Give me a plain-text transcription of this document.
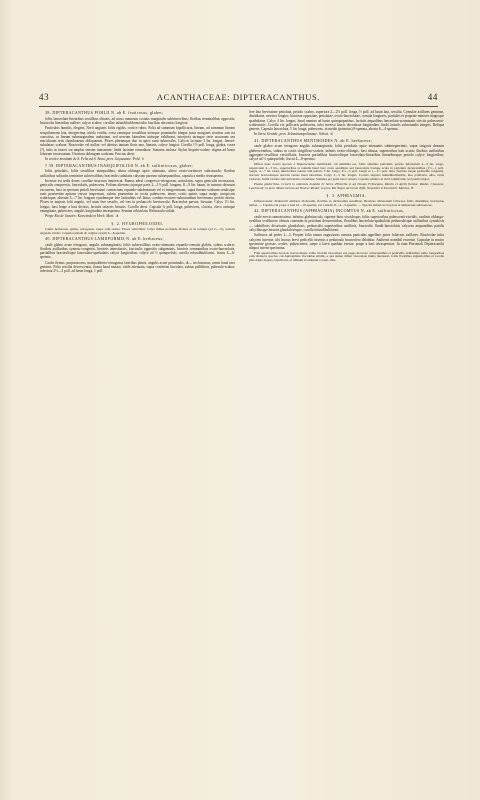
43	ACANTHACEAE: DIPTERACANTHUS.	44
38. DIPTERACANTHUS POHLII N. ab E. fruticosus, glaber;

foliis lanceolato-linearibus sessilibus obtusis, ad arcus ramorum costatis marginalis subtrinervibus; floribus terminalibus oppositis; bracteolis linearibus nullive; calyce scabro; corollae infundibuliformi tubo faucibus obconicis longiore.

Fruticulus humilis, elegans, Nerii angustis foliis rigidis, cortice rubro. Folia ad summum bipollicaria, lineam, ad summum lineam sesquilateram lata, integerrima, nitida viridia, costa ramisque costalibus utrinque prominulis hinque juxta margines arcubus suis ita conscitus, ut lineam submarginalem unduatam, sed nervum lateralem utrinque exhibeant, interjecta utrinque serie arcuarum seu maculorum reiis rhomboarum obliquarum. Flores plerumque duo in apice rami subsessiles. Calycis laciniae 3 lin. longae, lineari-subulatae, scabrae. Bracteolae vel nullae, vel alterius tantum floris una, linearis, calyce longior. Corolla 1½ poll. longa, glabra, rosea (?), tubo in fauces sat amplas sensim transeunte; limbi laciniae rotundatae. Stamina inclusa. Stylus hispido-scaber; stigma ad basin loborum incrassatum. Ovarium oblongum scabrum. Fructus deest.

In vertice montium de S. Felix ad S. Anna, prov. Goyazanae: Pohl. ♄

† 39. DIPTERACANTHUS INAEQUIFOLIUS N. ab E. suffruticosus, glaber;

foliis petiolatis, foliis sessilibus inaequalibus, altero oblongo apice attenuato, altero ovato-cordatove subrotundo; floribus axillaribus solitariis terminive subsessilibus; bracteolis subulatis calycem parvum subaequantibus, capsula a medio tetrasperma.

Incertae est sedis donec corollae structura innotescat. Ramus adest compresso-tetragonus, articulatus, supra geniculis incrassatus, geniculis compressis, lanceolatis, pubescens. Folium alterum cujusque paris 2—1½ poll. longum, 8—9 lin. latum, in summo obtusum excurrens, basi in spectum petioli brevissimi contractum, repando-subdentatum vel et integerrimum, supra lineato-scabrum setulisque raris praesertim apicem versus inspersum, subtus praesertim in costis pubescens, tenue, costis quinis supra magis conspicuis scabrisque; alterum 3—7 lin. longum ejusdemque fere latitudinis vel latius, cordato-ovatove-subrotundum brevissimo petiolo nitens. Flores in majoris folii angulo, vel unus fere sessilis, vel tres in peduncolo breviusculo. Bracteolae parvae, hirsutae. Calyx 1½ lin. longus, basi longe a basi divisus, laciniis setaceis hirsutis. Corolla deest. Capsula ¾ poll. longa, pubescens, clavata, clavo utrinque emarginata, pubescens, angulis longitudine tetrasperma. Semina orbiculata. Retinacula valida.

Prope Rio de Janeiro: Karwinski in Herb. Mart. ♃

§. 2. HYGROPHILOIDEI.

Caulis herbaceus, glaber, tetragonus, saepe cum radice. Flores verticillati. Calyx minus profunde divisus ac in reliquis (ad ⅔—⅓), laciniis angustis strictis. Capsula (saltem ab origine ovarii) 6—8-sperma.

40. DIPTERACANTHUS LAMIIFORMIS N. ab E. herbaceus;

caule glabro acute tetragono, angulis submarginatis; foliis subsessilibus ovato-attenuatis repando-crenatis glabris, subtus scabris; floribus axillaribus cymoso-congestis, bracteis interstinctis, fasciculis oppositis subgeminis, bracteis communibus ovato-lanceolatis, partialibus bracteolisque lanceolato-spathulatis calyce longioribus; calyce ad ⅓ quinquefido, corolla infundibuliformi, fructu 4—6-spermo.

Caulis firmus, purpurascens, inaequaliterto-tetragonus lateribus planis, angulis acute prominulis, di— trichotomus, ramis haud raro geminis. Folia sessilia decrescentia, forma haud mutata, valde attenuata, supra confertim lineolata, subtus pallidiora, puberulo-scabra; inferiora 2½—3 poll. ad basin longa, 1 poll.

fere lata brevissime petiolata, petiolo scabro, superiora 2—2½ poll. longa, ½ poll. ad basin lata, sessilia. Cymulae axillares geminae, dimidiatae, exterior longior; bracteae oppositae, petiolatae, ovato-lanceolatae, cymula longiores, partiales et propriae minores magisque spathulatae. Calyx 4 lin. longus, haud omnino ad basin quinquepartitus, laciniis aequalibus lanceolato-acuminatis strictis pubescenti-scaberrimis. Corolla vix pollicaris pubescens, tubo inverso faucis obconicae longitudine; limbi laciniis subrotundis integris. Reliqua generis. Capsula lanceolata, 5 lin. longa, pubescens, in medio (primitus) 8-sperma, abortu 6—4-sperma.

In Serra Grande, prov. Sebastianopolitanae: Schott. ♃

41. DIPTERACANTHUS MENTHOIDES N. ab E. herbaceus;

caule glabro acute tetragono angulis submarginatis; foliis petiolatis apice attenuatis subintegerrimis, supra strigosis demum glabrescentibus, subtus in costis strigilloso-scabris; infimis ovato-oblongis, basi obtusa, superioribus basi acutis; floribus axillaribus aggregato-sessilibus verticillatis, bracteis partialibus bracteolisque lanceolato-linearibus linearibusque petiolo calyce longioribus; calyce ad ⅓ quinquefido, fructu 4—8-spermo.

Differt hanc nostra species a Dipteracantho lamiiformi, cui similima est, foliis omnibus petiolatis, petiolo inferiorum 4—5 lin. longo, superiorum 4—3 lin., superioribus et ramulis haud basi ovata sessilibus sed lanceolatis basique acuta in petiolum decurrentibus (1½—1 poll. longis, 4—7 lin. latis), inferioribus autem cum petiolo 3 lin. longo, 4½—5 poll. longis et 1—1½ poll. latis, floribus itaque pedicellis congestis, bracteis bracteolisque apicem versus haud latioribus. Calyx 3—5 lin. longus. Corolla angusta infundibuliformis, fere pollicaris, alba, venis violaceis, limbi laciniis subverticulatis rotundatae. Stamina per paria basi connata. Capsula omnino ut in D. lamiiformi, sed paullo major.

Planta glaberrima. Crescit in umbrosis humidis N. Serra d'Estrella et ad Novam Friburgum, Martio et Aprili floreus: Riedel, Chavasse, Laschenalt; in prov. Minas Geraes ad Varzea: Riedel; in prov. Rio Negro ad locum Teffé, Novembri et Decembri: Martius. ⊙

§. 3. APHRAGMIA.

Inflorescentia: Pedunculi axillares dichotomi, floribus in dichotomia sessilibus. Bracteae divisionum foliaceae foliis dissimiles; bracteolae nullae. — Capsula vel prope a basi 10—16-sperma, vel a medio 8—4—3-sperma. — Species Americae tropicae et temperatae subtropicae.

42. DIPTERACANTHUS (APHRAGMIA) INCOMTUS N. ab E. suffruticosus,

caule erecto ramosissimo, inferius glabriusculo, superne hirto viscidoque; foliis superioribus pubescenti-viscidis, caulinis oblongo-ovalibus ovalibusve obtusis cuneatim in petiolum decurrentibus, floralibus lanceolato-spathulatis pedunculisque axillaribus cymulosis — subbifloris divaricatis glandulosis, pedunculis superioribus unifloris, bracteolis florali-lanceolatis calycem aequantibus patulis calycibusque hirsutis glandulosisque, corolla infundibuliformi.

Suffrutex ad pedes 2—3. Propter folia ramos angustiores ramosa paniculas appellare potes foliaceas axillares. Bracteolae infra calycem insertae, ubi fructus brevi pedicello insertus a pedunculo bracteifero delabitur. Antherae nonnihil exsertae. Capsulae in nostro specimine grossae, ovales, pubescentes, saepe a larva quadam exesae, prope a basi tetraspermae. In nam Pteromali Dipteracanthi aliquot inveni specimina.

Folii superioribus bracteis bracteolisque valde viscidis viscositate eas saepe inconcre cohaerentibus et pedicellis axillaribus solito longioribus satis distincta species, cui Aphragmiae viscidulae similis, a qua tamen differt viscositate multo intensiori, foliis floralibus angustioribus et corolla plus duplo majore, bipollicari, et limbum in omnium vocem, alba.
